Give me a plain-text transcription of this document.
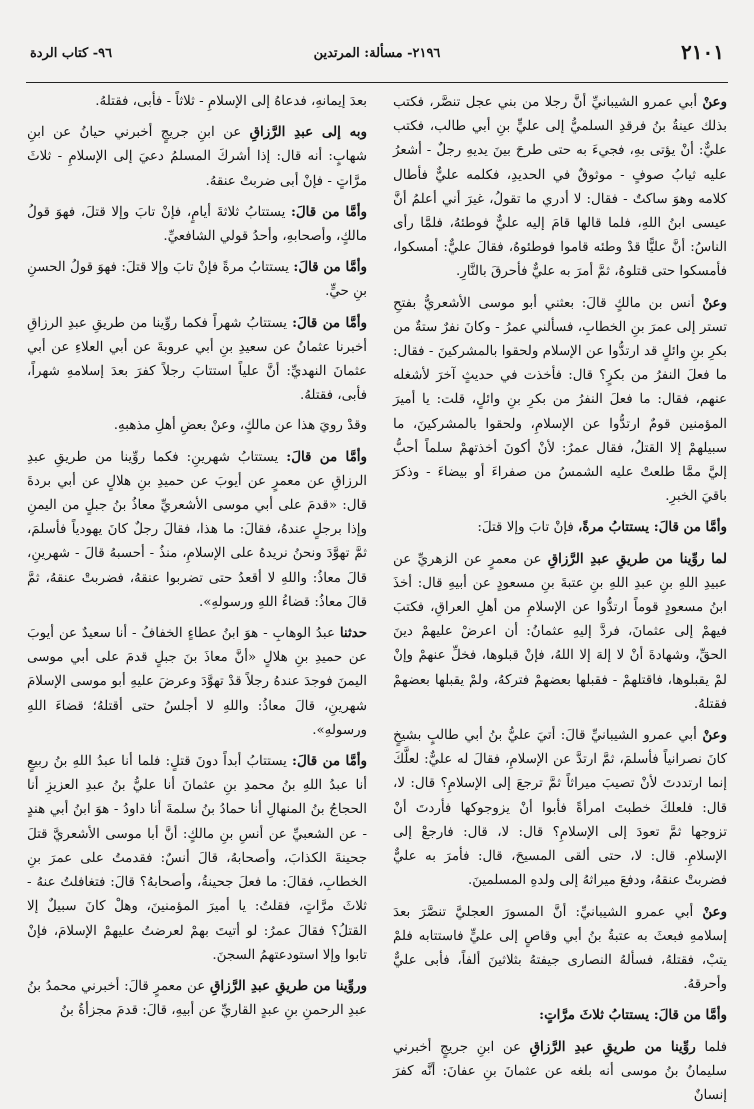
٢١٠١
٢١٩٦- مسألة: المرتدين
٩٦- كتاب الردة

وعنْ أبي عمرو الشيبانيِّ أنَّ رجلا من بني عجل تنصَّر، فكتب بذلك عينةُ بنُ فرقدِ السلميُّ إلى عليٍّ بنِ أبي طالب، فكتب عليٌّ: أنْ يؤتى بهِ، فجيءَ به حتى طرحَ بينَ يديهِ رجلٌ - أشعرُ عليه ثيابُ صوفٍ - موثوقٌ في الحديدِ، فكلمه عليٌّ فأطال كلامه وهوَ ساكتٌ - فقال: لا أدري ما تقولُ، غيرَ أني أعلمُ أنَّ عيسى ابنُ اللهِ، فلما قالها قامَ إليه عليٌّ فوطئهُ، فلمَّا رأى الناسُ: أنَّ عليًّا قدْ وطئه قاموا فوطئوهُ، فقالَ عليٌّ: أمسكوا، فأمسكوا حتى قتلوهُ، ثمَّ أمرَ به عليٌّ فأحرقَ بالنَّارِ.

وعنْ أنس بن مالكٍ قالَ: بعثني أبو موسى الأشعريُّ بفتحِ تستر إلى عمرَ بنِ الخطابِ، فسألني عمرُ - وكانَ نفرٌ ستةٌ من بكرِ بنِ وائلٍ قد ارتدُّوا عن الإسلام ولحقوا بالمشركينَ - فقال: ما فعلَ النفرُ من بكرٍ؟ قال: فأخذت في حديثٍ آخرَ لأشغله عنهم، فقال: ما فعلَ النفرُ من بكرِ بنِ وائلٍ، قلت: يا أميرَ المؤمنين قومٌ ارتدُّوا عن الإسلامِ، ولحقوا بالمشركينَ، ما سبيلهمْ إلا القتلُ، فقال عمرُ: لأنْ أكونَ أخذتهمْ سلماً أحبُّ إليَّ ممَّا طلعتْ عليه الشمسُ من صفراءَ أو بيضاءَ - وذكرَ باقيَ الخبرِ.

وأمَّا من قالَ: يستتابُ مرةً، فإنْ تابَ وإلا قتلَ:

لما روِّينا من طريقِ عبدِ الرَّزاقِ عن معمرٍ عن الزهريِّ عن عبيدِ اللهِ بنِ عبدِ اللهِ بنِ عتبةَ بنِ مسعودٍ عن أبيهِ قال: أخذَ ابنُ مسعودٍ قوماً ارتدُّوا عن الإسلامِ من أهلِ العراقِ، فكتبَ فيهمْ إلى عثمانَ، فردَّ إليهِ عثمانُ: أن اعرضْ عليهمْ دينَ الحقِّ، وشهادةَ أنْ لا إلهَ إلا اللهُ، فإنْ قبلوها، فخلِّ عنهمْ وإنْ لمْ يقبلوها، فاقتلهمْ - فقبلها بعضهمْ فتركهُ، ولمْ يقبلها بعضهمْ فقتلهُ.

وعنْ أبي عمرو الشيبانيِّ قالَ: أتيَ عليُّ بنُ أبي طالبٍ بشيخٍ كانَ نصرانياً فأسلمَ، ثمَّ ارتدَّ عن الإسلامِ، فقالَ له عليٌّ: لعلَّكَ إنما ارتددتَ لأنْ تصيبَ ميراثاً ثمَّ ترجعَ إلى الإسلامِ؟ قال: لا، قال: فلعلكَ خطبتَ امرأةً فأبوا أنْ يزوجوكها فأردتَ أنْ تزوجها ثمَّ تعودَ إلى الإسلامِ؟ قال: لا، قال: فارجعْ إلى الإسلامِ. قال: لا، حتى ألقى المسيحَ، قال: فأمرَ به عليٌّ فضربتْ عنقهُ، ودفعَ ميراثهُ إلى ولدهِ المسلمينَ.

وعنْ أبي عمرو الشيبانيِّ: أنَّ المسورَ العجليَّ تنصَّرَ بعدَ إسلامهِ فبعثَ به عتبةُ بنُ أبي وقاصٍ إلى عليٍّ فاستتابه فلمْ يتبْ، فقتلهُ، فسألهُ النصارى جيفتهُ بثلاثينَ ألفاً، فأبى عليٌّ وأحرقهُ.

وأمَّا من قالَ: يستتابُ ثلاثَ مرَّاتٍ:

فلما روِّينا من طريقِ عبدِ الرَّزاقِ عن ابنِ جريجٍ أخبرني سليمانُ بنُ موسى أنه بلغه عن عثمانَ بنِ عفانَ: أنَّه كفرَ إنسانٌ

بعدَ إيمانهِ، فدعاهُ إلى الإسلامِ - ثلاثاً - فأبى، فقتلهُ.

وبه إلى عبدِ الرَّزاقِ عن ابنِ جريجٍ أخبرني حيانُ عن ابنِ شهابٍ: أنه قال: إذا أشركَ المسلمُ دعيَ إلى الإسلامِ - ثلاثَ مرَّاتٍ - فإنْ أبى ضربتْ عنقهُ.

وأمَّا من قالَ: يستتابُ ثلاثةَ أيامٍ، فإنْ تابَ وإلا قتلَ، فهوَ قولُ مالكٍ، وأصحابهِ، وأحدُ قولي الشافعيِّ.

وأمَّا من قالَ: يستتابُ مرةً فإنْ تابَ وإلا قتلَ: فهوَ قولُ الحسنِ بنِ حيٍّ.

وأمَّا من قالَ: يستتابُ شهراً فكما روِّينا من طريقِ عبدِ الرزاقِ أخبرنا عثمانُ عن سعيدِ بنِ أبي عروبةَ عن أبي العلاءِ عن أبي عثمانَ النهديِّ: أنَّ علياً استتابَ رجلاً كفرَ بعدَ إسلامهِ شهراً، فأبى، فقتلهُ.

وقدْ رويَ هذا عن مالكٍ، وعنْ بعضِ أهلِ مذهبهِ.

وأمَّا من قالَ: يستتابُ شهرينِ: فكما روِّينا من طريقِ عبدِ الرزاقِ عن معمرٍ عن أيوبَ عن حميدِ بنِ هلالٍ عن أبي بردةَ قال: «قدمَ على أبي موسى الأشعريِّ معاذُ بنُ جبلٍ من اليمنِ وإذا برجلٍ عندهُ، فقالَ: ما هذا، فقالَ رجلٌ كانَ يهودياً فأسلمَ، ثمَّ تهوَّدَ ونحنُ نريدهُ على الإسلامِ، منذُ - أحسبهُ قالَ - شهرينِ، قالَ معاذُ: واللهِ لا أقعدُ حتى تضربوا عنقهُ، فضربتْ عنقهُ، ثمَّ قالَ معاذُ: قضاءُ اللهِ ورسولهِ».

حدثنا عبدُ الوهابِ - هوَ ابنُ عطاءٍ الخفافُ - أنا سعيدٌ عن أيوبَ عن حميدِ بنِ هلالٍ «أنَّ معاذَ بنَ جبلٍ قدمَ على أبي موسى اليمنَ فوجدَ عندهُ رجلاً قدْ تهوَّدَ وعرضَ عليهِ أبو موسى الإسلامَ شهرينِ، قالَ معاذُ: واللهِ لا أجلسُ حتى أقتلهُ؛ قضاءَ اللهِ ورسولهِ».

وأمَّا من قالَ: يستتابُ أبداً دونَ قتلٍ: فلما أنا عبدُ اللهِ بنُ ربيعٍ أنا عبدُ اللهِ بنُ محمدِ بنِ عثمانَ أنا عليُّ بنُ عبدِ العزيزِ أنا الحجاجُ بنُ المنهالِ أنا حمادُ بنُ سلمةَ أنا داودُ - هوَ ابنُ أبي هندٍ - عن الشعبيِّ عن أنسِ بنِ مالكٍ: أنَّ أبا موسى الأشعريَّ قتلَ جحينةَ الكذابَ، وأصحابهُ، قالَ أنسٌ: فقدمتُ على عمرَ بنِ الخطابِ، فقالَ: ما فعلَ جحينةُ، وأصحابهُ؟ قالَ: فتغافلتُ عنهُ - ثلاثَ مرَّاتٍ، فقلتُ: يا أميرَ المؤمنينَ، وهلْ كانَ سبيلٌ إلا القتلُ؟ فقالَ عمرُ: لو أتيتَ بهمْ لعرضتُ عليهمْ الإسلامَ، فإنْ تابوا وإلا استودعتهمُ السجنَ.

وروِّينا من طريقِ عبدِ الرَّزاقِ عن معمرٍ قالَ: أخبرني محمدُ بنُ عبدِ الرحمنِ بنِ عبدٍ القاريِّ عن أبيهِ، قالَ: قدمَ مجزأةُ بنُ
